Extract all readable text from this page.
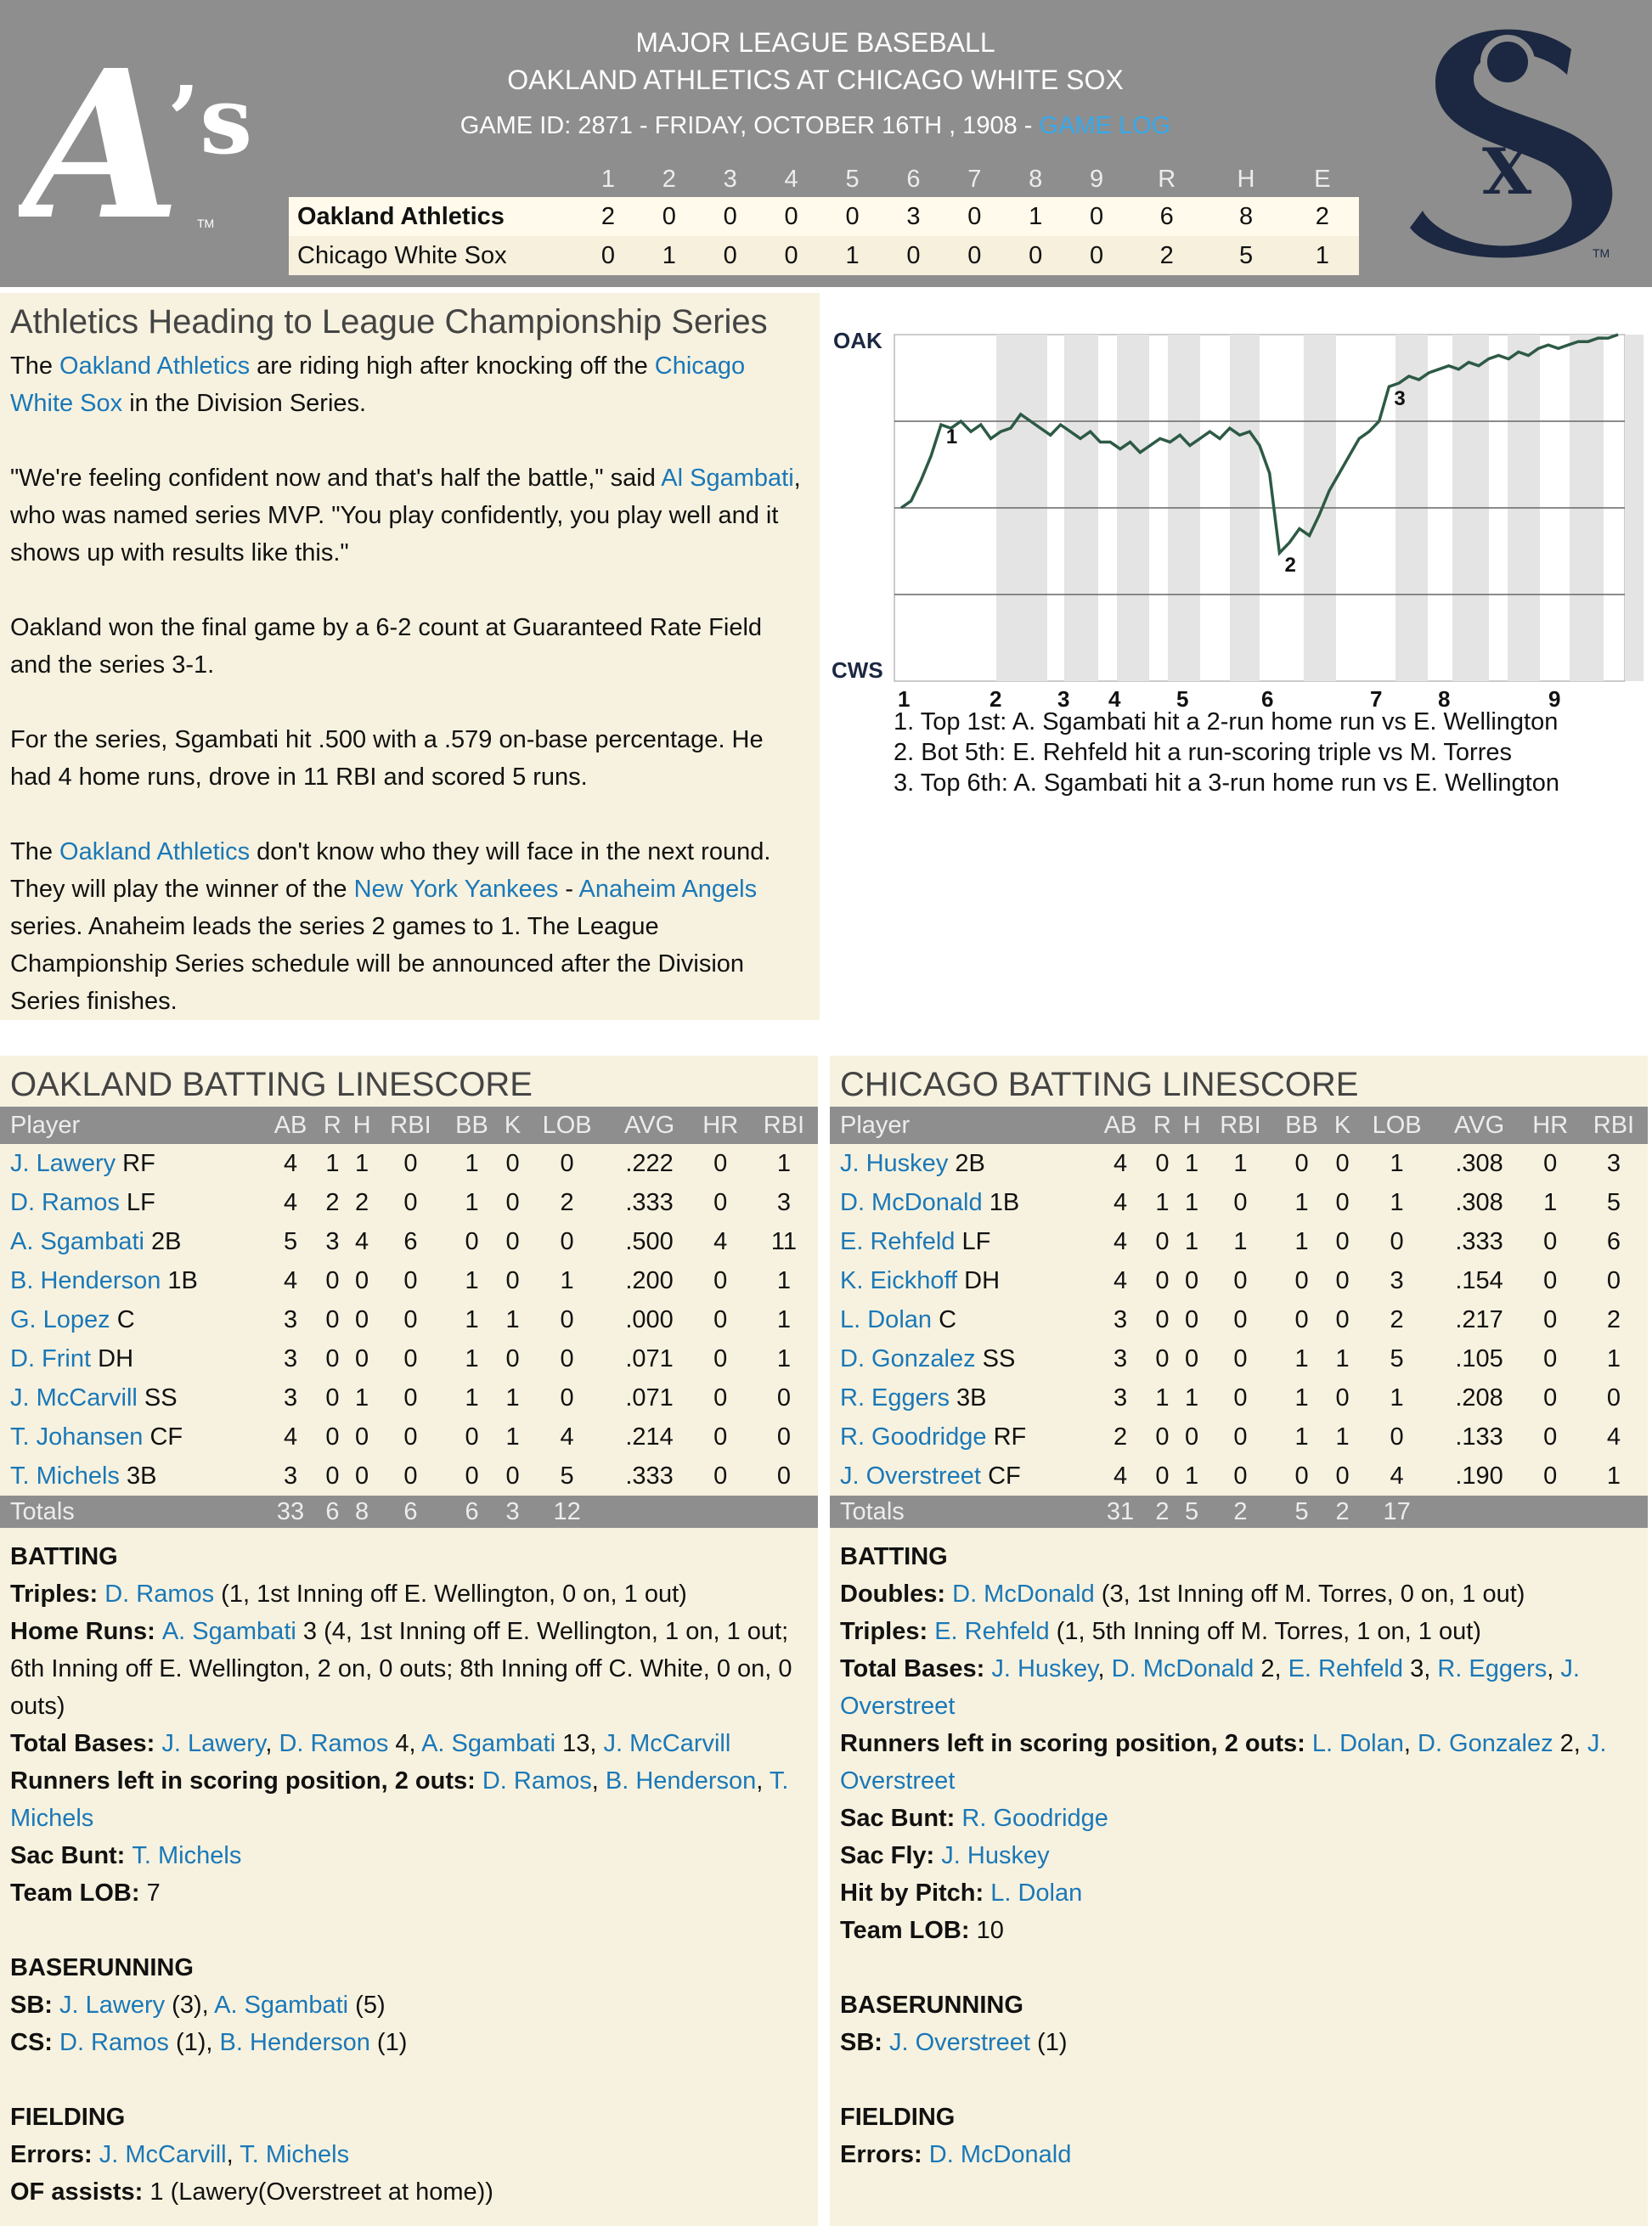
A
’s
TM
MAJOR LEAGUE BASEBALL
OAKLAND ATHLETICS AT CHICAGO WHITE SOX
GAME ID: 2871 - FRIDAY, OCTOBER 16TH , 1908 - GAME LOG
	1	2	3	4	5	6	7	8	9	R	H	E
Oakland Athletics	2	0	0	0	0	3	0	1	0	6	8	2
Chicago White Sox	0	1	0	0	1	0	0	0	0	2	5	1
X
TM
Athletics Heading to League Championship Series

The Oakland Athletics are riding high after knocking off the Chicago White Sox in the Division Series.

"We're feeling confident now and that's half the battle," said Al Sgambati, who was named series MVP. "You play confidently, you play well and it shows up with results like this."

Oakland won the final game by a 6-2 count at Guaranteed Rate Field and the series 3-1.

For the series, Sgambati hit .500 with a .579 on-base percentage. He had 4 home runs, drove in 11 RBI and scored 5 runs.

The Oakland Athletics don't know who they will face in the next round. They will play the winner of the New York Yankees - Anaheim Angels series. Anaheim leads the series 2 games to 1. The League Championship Series schedule will be announced after the Division Series finishes.

OAK
CWS
1	2	3 4	5	6	7	8	9
1
2
3
1. Top 1st: A. Sgambati hit a 2-run home run vs E. Wellington
2. Bot 5th: E. Rehfeld hit a run-scoring triple vs M. Torres
3. Top 6th: A. Sgambati hit a 3-run home run vs E. Wellington
OAKLAND BATTING LINESCORE
Player	AB	R	H	RBI	BB	K	LOB	AVG	HR	RBI
J. Lawery RF	4	1	1	0	1	0	0	.222	0	1
D. Ramos LF	4	2	2	0	1	0	2	.333	0	3
A. Sgambati 2B	5	3	4	6	0	0	0	.500	4	11
B. Henderson 1B	4	0	0	0	1	0	1	.200	0	1
G. Lopez C	3	0	0	0	1	1	0	.000	0	1
D. Frint DH	3	0	0	0	1	0	0	.071	0	1
J. McCarvill SS	3	0	1	0	1	1	0	.071	0	0
T. Johansen CF	4	0	0	0	0	1	4	.214	0	0
T. Michels 3B	3	0	0	0	0	0	5	.333	0	0
Totals	33	6	8	6	6	3	12			
BATTING
Triples: D. Ramos (1, 1st Inning off E. Wellington, 0 on, 1 out)
Home Runs: A. Sgambati 3 (4, 1st Inning off E. Wellington, 1 on, 1 out; 6th Inning off E. Wellington, 2 on, 0 outs; 8th Inning off C. White, 0 on, 0 outs)
Total Bases: J. Lawery, D. Ramos 4, A. Sgambati 13, J. McCarvill
Runners left in scoring position, 2 outs: D. Ramos, B. Henderson, T. Michels
Sac Bunt: T. Michels
Team LOB: 7
BASERUNNING
SB: J. Lawery (3), A. Sgambati (5)
CS: D. Ramos (1), B. Henderson (1)
FIELDING
Errors: J. McCarvill, T. Michels
OF assists: 1 (Lawery(Overstreet at home))
CHICAGO BATTING LINESCORE
Player	AB	R	H	RBI	BB	K	LOB	AVG	HR	RBI
J. Huskey 2B	4	0	1	1	0	0	1	.308	0	3
D. McDonald 1B	4	1	1	0	1	0	1	.308	1	5
E. Rehfeld LF	4	0	1	1	1	0	0	.333	0	6
K. Eickhoff DH	4	0	0	0	0	0	3	.154	0	0
L. Dolan C	3	0	0	0	0	0	2	.217	0	2
D. Gonzalez SS	3	0	0	0	1	1	5	.105	0	1
R. Eggers 3B	3	1	1	0	1	0	1	.208	0	0
R. Goodridge RF	2	0	0	0	1	1	0	.133	0	4
J. Overstreet CF	4	0	1	0	0	0	4	.190	0	1
Totals	31	2	5	2	5	2	17			
BATTING
Doubles: D. McDonald (3, 1st Inning off M. Torres, 0 on, 1 out)
Triples: E. Rehfeld (1, 5th Inning off M. Torres, 1 on, 1 out)
Total Bases: J. Huskey, D. McDonald 2, E. Rehfeld 3, R. Eggers, J. Overstreet
Runners left in scoring position, 2 outs: L. Dolan, D. Gonzalez 2, J. Overstreet
Sac Bunt: R. Goodridge
Sac Fly: J. Huskey
Hit by Pitch: L. Dolan
Team LOB: 10
BASERUNNING
SB: J. Overstreet (1)
FIELDING
Errors: D. McDonald
